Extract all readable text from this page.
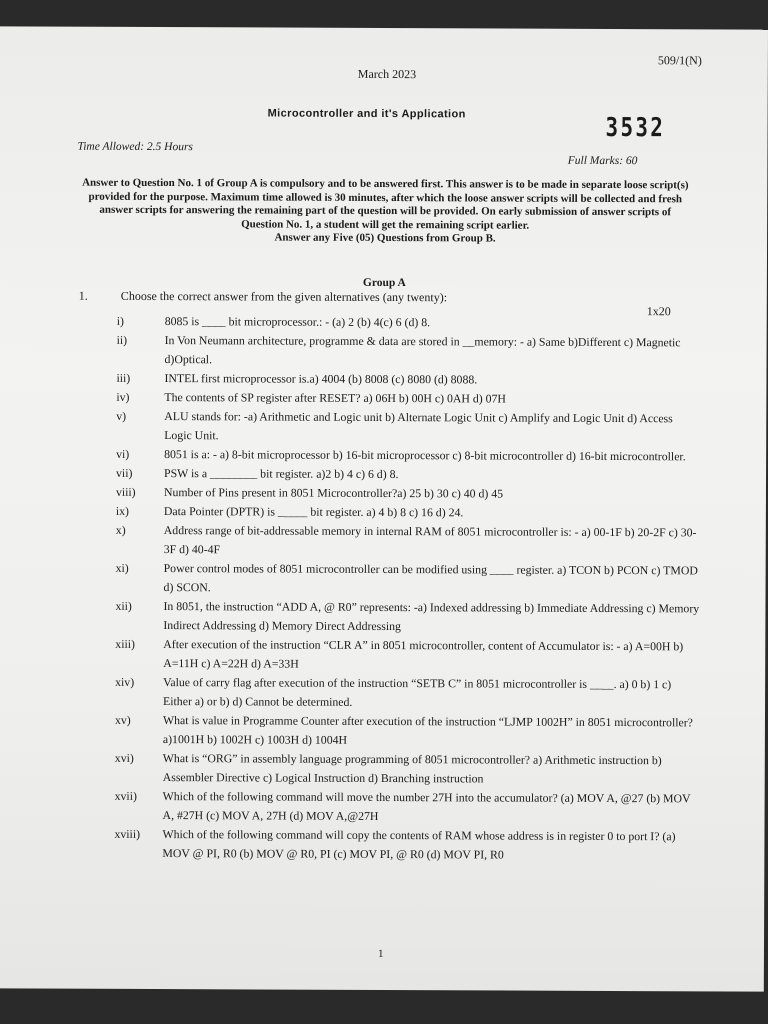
509/1(N)
March 2023
Microcontroller and it's Application	3532
Time Allowed: 2.5 Hours
Full Marks: 60

Answer to Question No. 1 of Group A is compulsory and to be answered first. This answer is to be made in separate loose script(s) provided for the purpose. Maximum time allowed is 30 minutes, after which the loose answer scripts will be collected and fresh answer scripts for answering the remaining part of the question will be provided. On early submission of answer scripts of Question No. 1, a student will get the remaining script earlier.

Answer any Five (05) Questions from Group B.

Group A
1.	Choose the correct answer from the given alternatives (any twenty):
1x20
i)	8085 is ____ bit microprocessor.: - (a) 2 (b) 4(c) 6 (d) 8.
ii)	In Von Neumann architecture, programme & data are stored in __memory: - a) Same b)Different c) Magnetic d)Optical.
iii)	INTEL first microprocessor is.a) 4004 (b) 8008 (c) 8080 (d) 8088.
iv)	The contents of SP register after RESET? a) 06H b) 00H c) 0AH d) 07H
v)	ALU stands for: -a) Arithmetic and Logic unit b) Alternate Logic Unit c) Amplify and Logic Unit d) Access Logic Unit.
vi)	8051 is a: - a) 8-bit microprocessor b) 16-bit microprocessor c) 8-bit microcontroller d) 16-bit microcontroller.
vii)	PSW is a ________ bit register. a)2 b) 4 c) 6 d) 8.
viii)	Number of Pins present in 8051 Microcontroller?a) 25 b) 30 c) 40 d) 45
ix)	Data Pointer (DPTR) is _____ bit register. a) 4 b) 8 c) 16 d) 24.
x)	Address range of bit-addressable memory in internal RAM of 8051 microcontroller is: - a) 00-1F b) 20-2F c) 30-3F d) 40-4F
xi)	Power control modes of 8051 microcontroller can be modified using ____ register. a) TCON b) PCON c) TMOD d) SCON.
xii)	In 8051, the instruction “ADD A, @ R0” represents: -a) Indexed addressing b) Immediate Addressing c) Memory Indirect Addressing d) Memory Direct Addressing
xiii)	After execution of the instruction “CLR A” in 8051 microcontroller, content of Accumulator is: - a) A=00H b) A=11H c) A=22H d) A=33H
xiv)	Value of carry flag after execution of the instruction “SETB C” in 8051 microcontroller is ____. a) 0 b) 1 c) Either a) or b) d) Cannot be determined.
xv)	What is value in Programme Counter after execution of the instruction “LJMP 1002H” in 8051 microcontroller? a)1001H b) 1002H c) 1003H d) 1004H
xvi)	What is “ORG” in assembly language programming of 8051 microcontroller? a) Arithmetic instruction b) Assembler Directive c) Logical Instruction d) Branching instruction
xvii)	Which of the following command will move the number 27H into the accumulator? (a) MOV A, @27 (b) MOV A, #27H (c) MOV A, 27H (d) MOV A,@27H
xviii)	Which of the following command will copy the contents of RAM whose address is in register 0 to port I? (a) MOV @ PI, R0 (b) MOV @ R0, PI (c) MOV PI, @ R0 (d) MOV PI, R0
1
